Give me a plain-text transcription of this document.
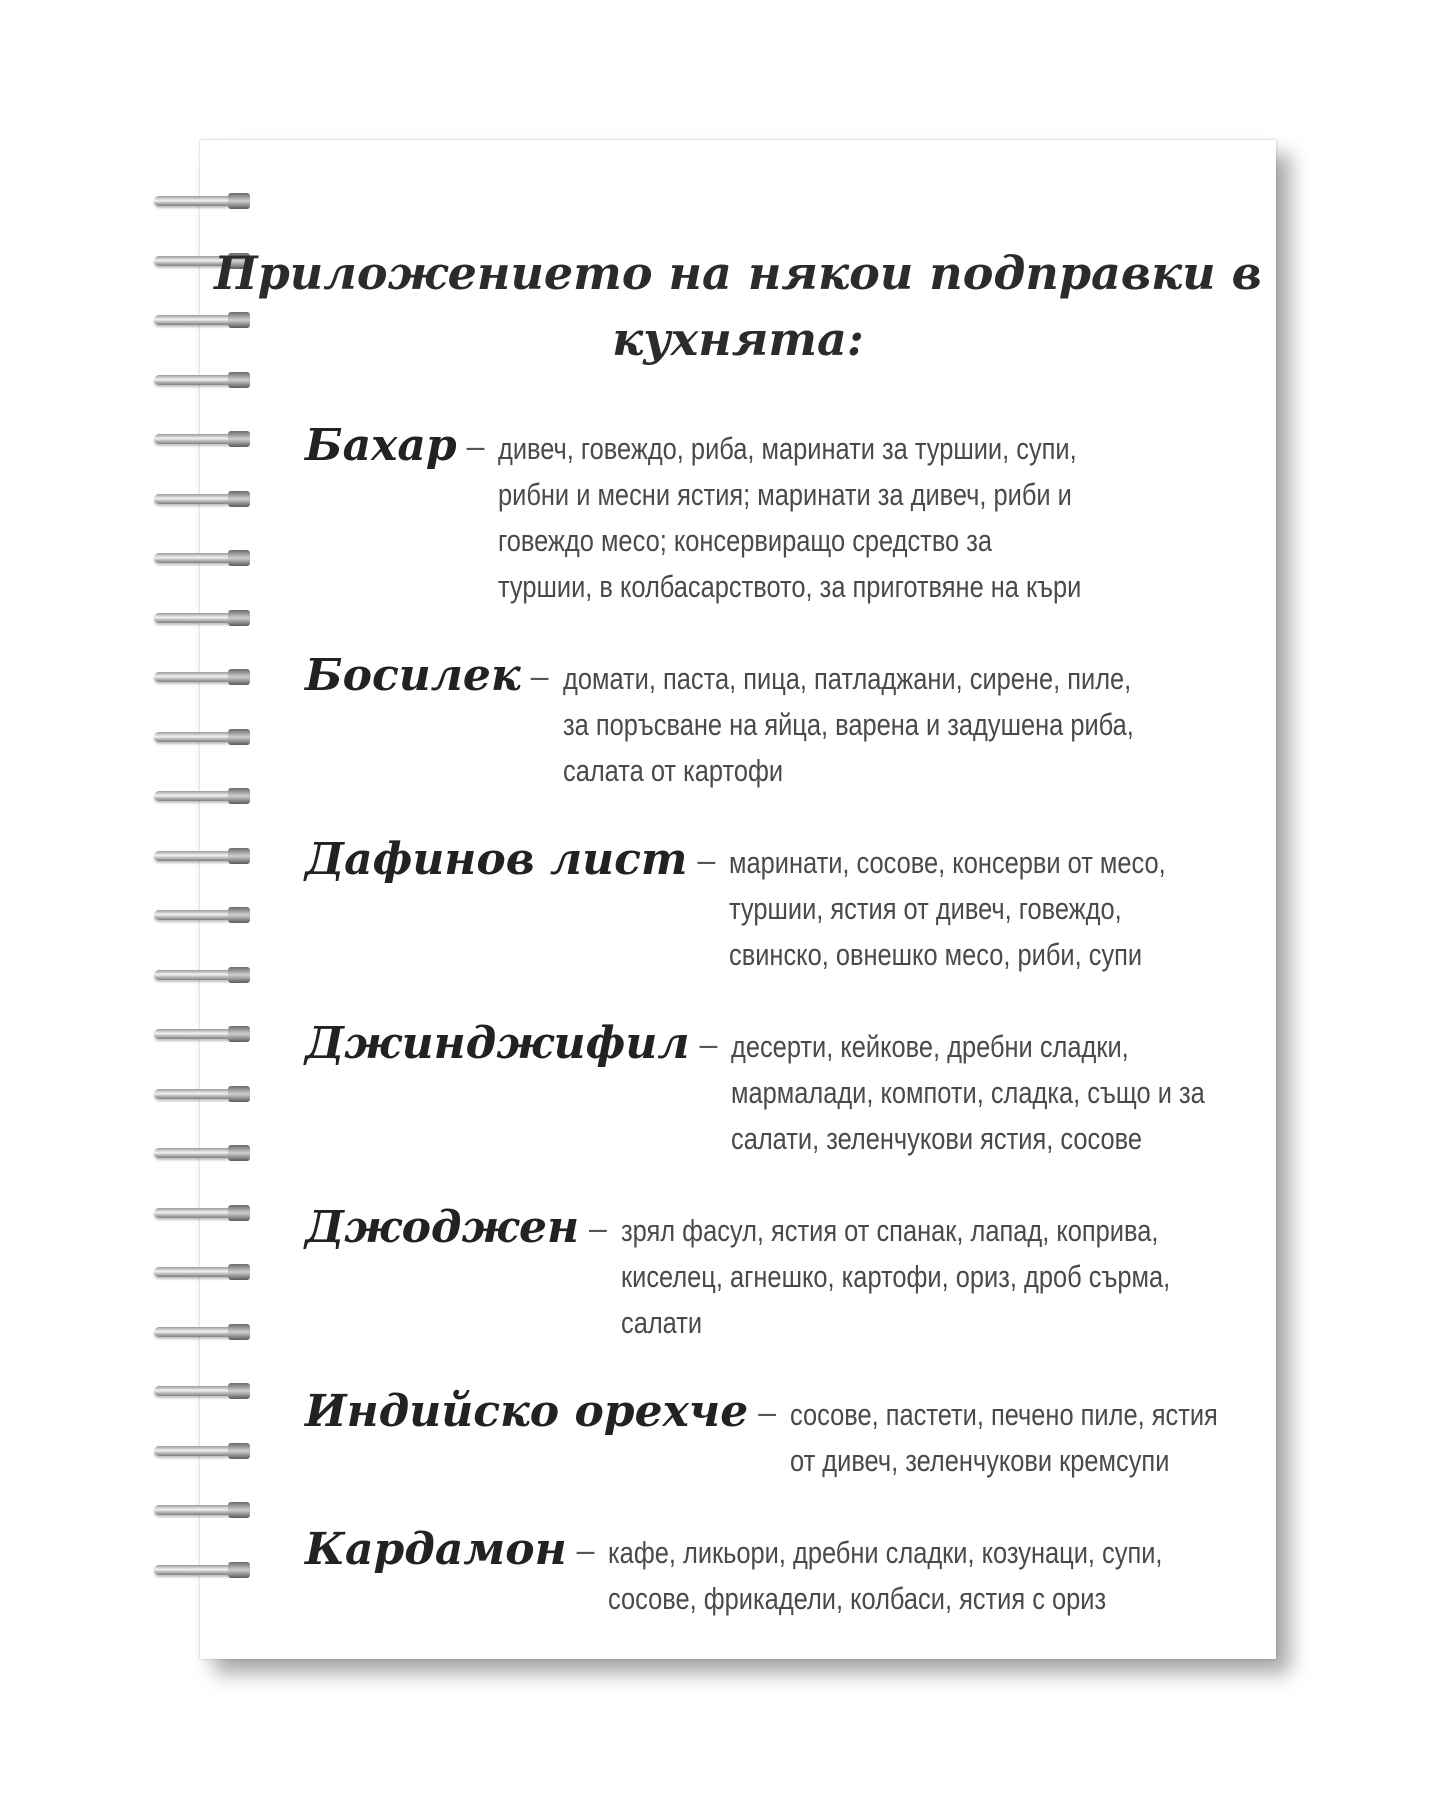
Приложението на някои подправки в кухнята:
Бахар – дивеч, говеждо, риба, маринати за туршии, супи, рибни и месни ястия; маринати за дивеч, риби и говеждо месо; консервиращо средство за туршии, в колбасарството, за приготвяне на къри
Босилек – домати, паста, пица, патладжани, сирене, пиле, за поръсване на яйца, варена и задушена риба, салата от картофи
Дафинов лист – маринати, сосове, консерви от месо, туршии, ястия от дивеч, говеждо, свинско, овнешко месо, риби, супи
Джинджифил – десерти, кейкове, дребни сладки, мармалади, компоти, сладка, също и за салати, зеленчукови ястия, сосове
Джоджен – зрял фасул, ястия от спанак, лапад, коприва, киселец, агнешко, картофи, ориз, дроб сърма, салати
Индийско орехче – сосове, пастети, печено пиле, ястия от дивеч, зеленчукови кремсупи
Кардамон – кафе, ликьори, дребни сладки, козунаци, супи, сосове, фрикадели, колбаси, ястия с ориз
